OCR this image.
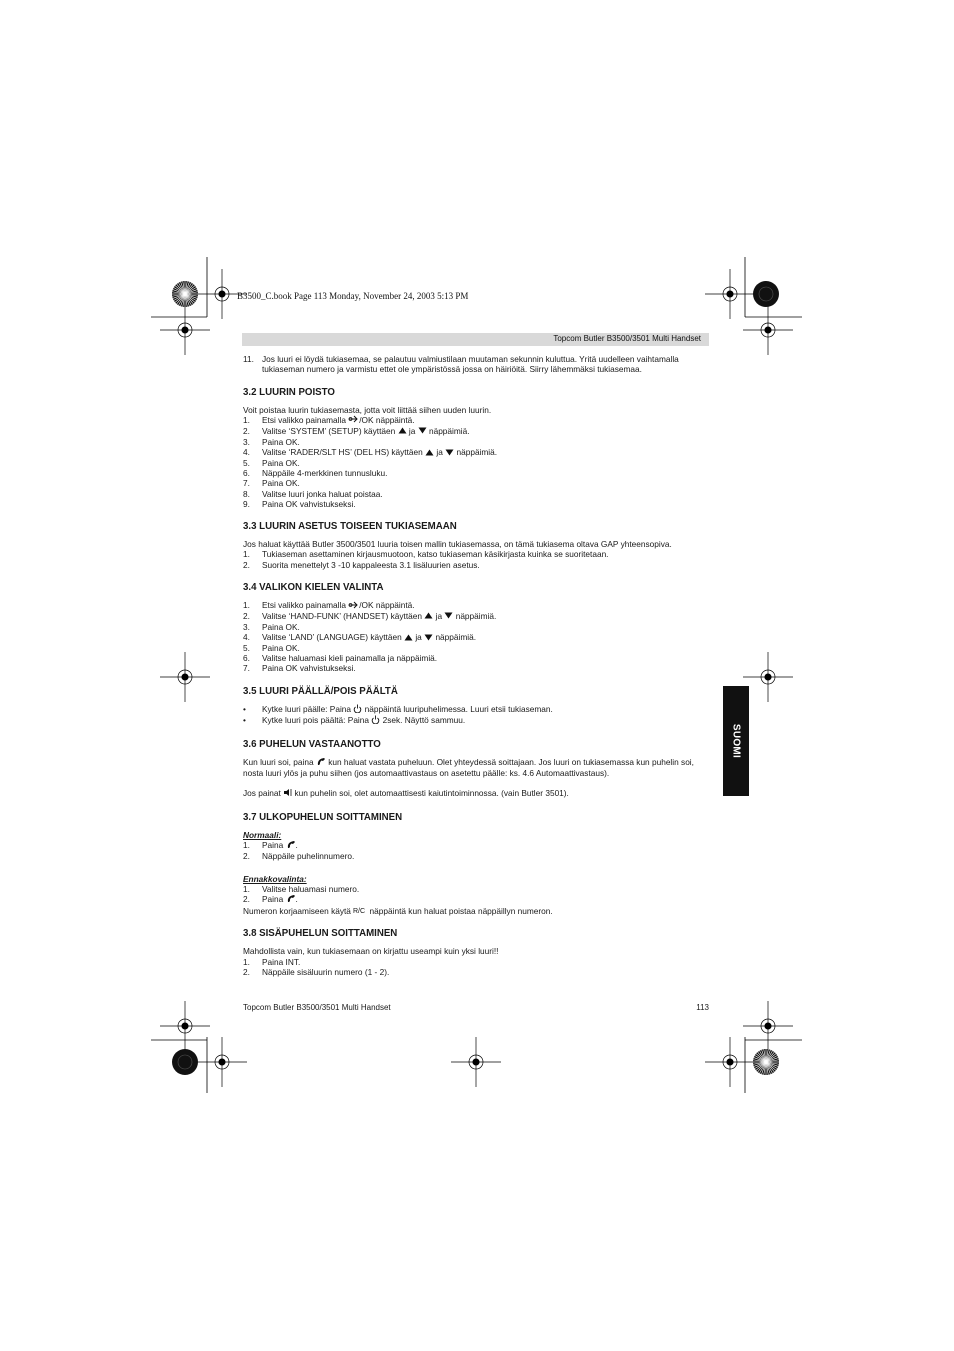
B3500_C.book Page 113 Monday, November 24, 2003 5:13 PM
Topcom Butler B3500/3501 Multi Handset
SUOMI

11. Jos luuri ei löydä tukiasemaa, se palautuu valmiustilaan muutaman sekunnin kuluttua. Yritä uudelleen vaihtamalla tukiaseman numero ja varmistu ettet ole ympäristössä jossa on häiriöitä. Siirry lähemmäksi tukiasemaa.

3.2 LUURIN POISTO

Voit poistaa luurin tukiasemasta, jotta voit liittää siihen uuden luurin.

1. Etsi valikko painamalla /OK näppäintä.

2. Valitse ‘SYSTEM’ (SETUP) käyttäen ja näppäimiä.

3. Paina OK.

4. Valitse ‘RADER/SLT HS’ (DEL HS) käyttäen ja näppäimiä.

5. Paina OK.

6. Näppäile 4-merkkinen tunnusluku.

7. Paina OK.

8. Valitse luuri jonka haluat poistaa.

9. Paina OK vahvistukseksi.

3.3 LUURIN ASETUS TOISEEN TUKIASEMAAN

Jos haluat käyttää Butler 3500/3501 luuria toisen mallin tukiasemassa, on tämä tukiasema oltava GAP yhteensopiva.

1. Tukiaseman asettaminen kirjausmuotoon, katso tukiaseman käsikirjasta kuinka se suoritetaan.

2. Suorita menettelyt 3 -10 kappaleesta 3.1 lisäluurien asetus.

3.4 VALIKON KIELEN VALINTA

1. Etsi valikko painamalla /OK näppäintä.

2. Valitse ‘HAND-FUNK’ (HANDSET) käyttäen ja näppäimiä.

3. Paina OK.

4. Valitse ‘LAND’ (LANGUAGE) käyttäen ja näppäimiä.

5. Paina OK.

6. Valitse haluamasi kieli painamalla ja näppäimiä.

7. Paina OK vahvistukseksi.

3.5 LUURI PÄÄLLÄ/POIS PÄÄLTÄ

• Kytke luuri päälle: Paina näppäintä luuripuhelimessa. Luuri etsii tukiaseman.

• Kytke luuri pois päältä: Paina 2sek. Näyttö sammuu.

3.6 PUHELUN VASTAANOTTO

Kun luuri soi, paina kun haluat vastata puheluun. Olet yhteydessä soittajaan. Jos luuri on tukiasemassa kun puhelin soi, nosta luuri ylös ja puhu siihen (jos automaattivastaus on asetettu päälle: ks. 4.6 Automaattivastaus).

Jos painat kun puhelin soi, olet automaattisesti kaiutintoiminnossa. (vain Butler 3501).

3.7 ULKOPUHELUN SOITTAMINEN

Normaali:

1. Paina .

2. Näppäile puhelinnumero.

Ennakkovalinta:

1. Valitse haluamasi numero.

2. Paina .

Numeron korjaamiseen käytä R/C näppäintä kun haluat poistaa näppäillyn numeron.

3.8 SISÄPUHELUN SOITTAMINEN

Mahdollista vain, kun tukiasemaan on kirjattu useampi kuin yksi luuri!!

1. Paina INT.

2. Näppäile sisäluurin numero (1 - 2).

Topcom Butler B3500/3501 Multi Handset	113
